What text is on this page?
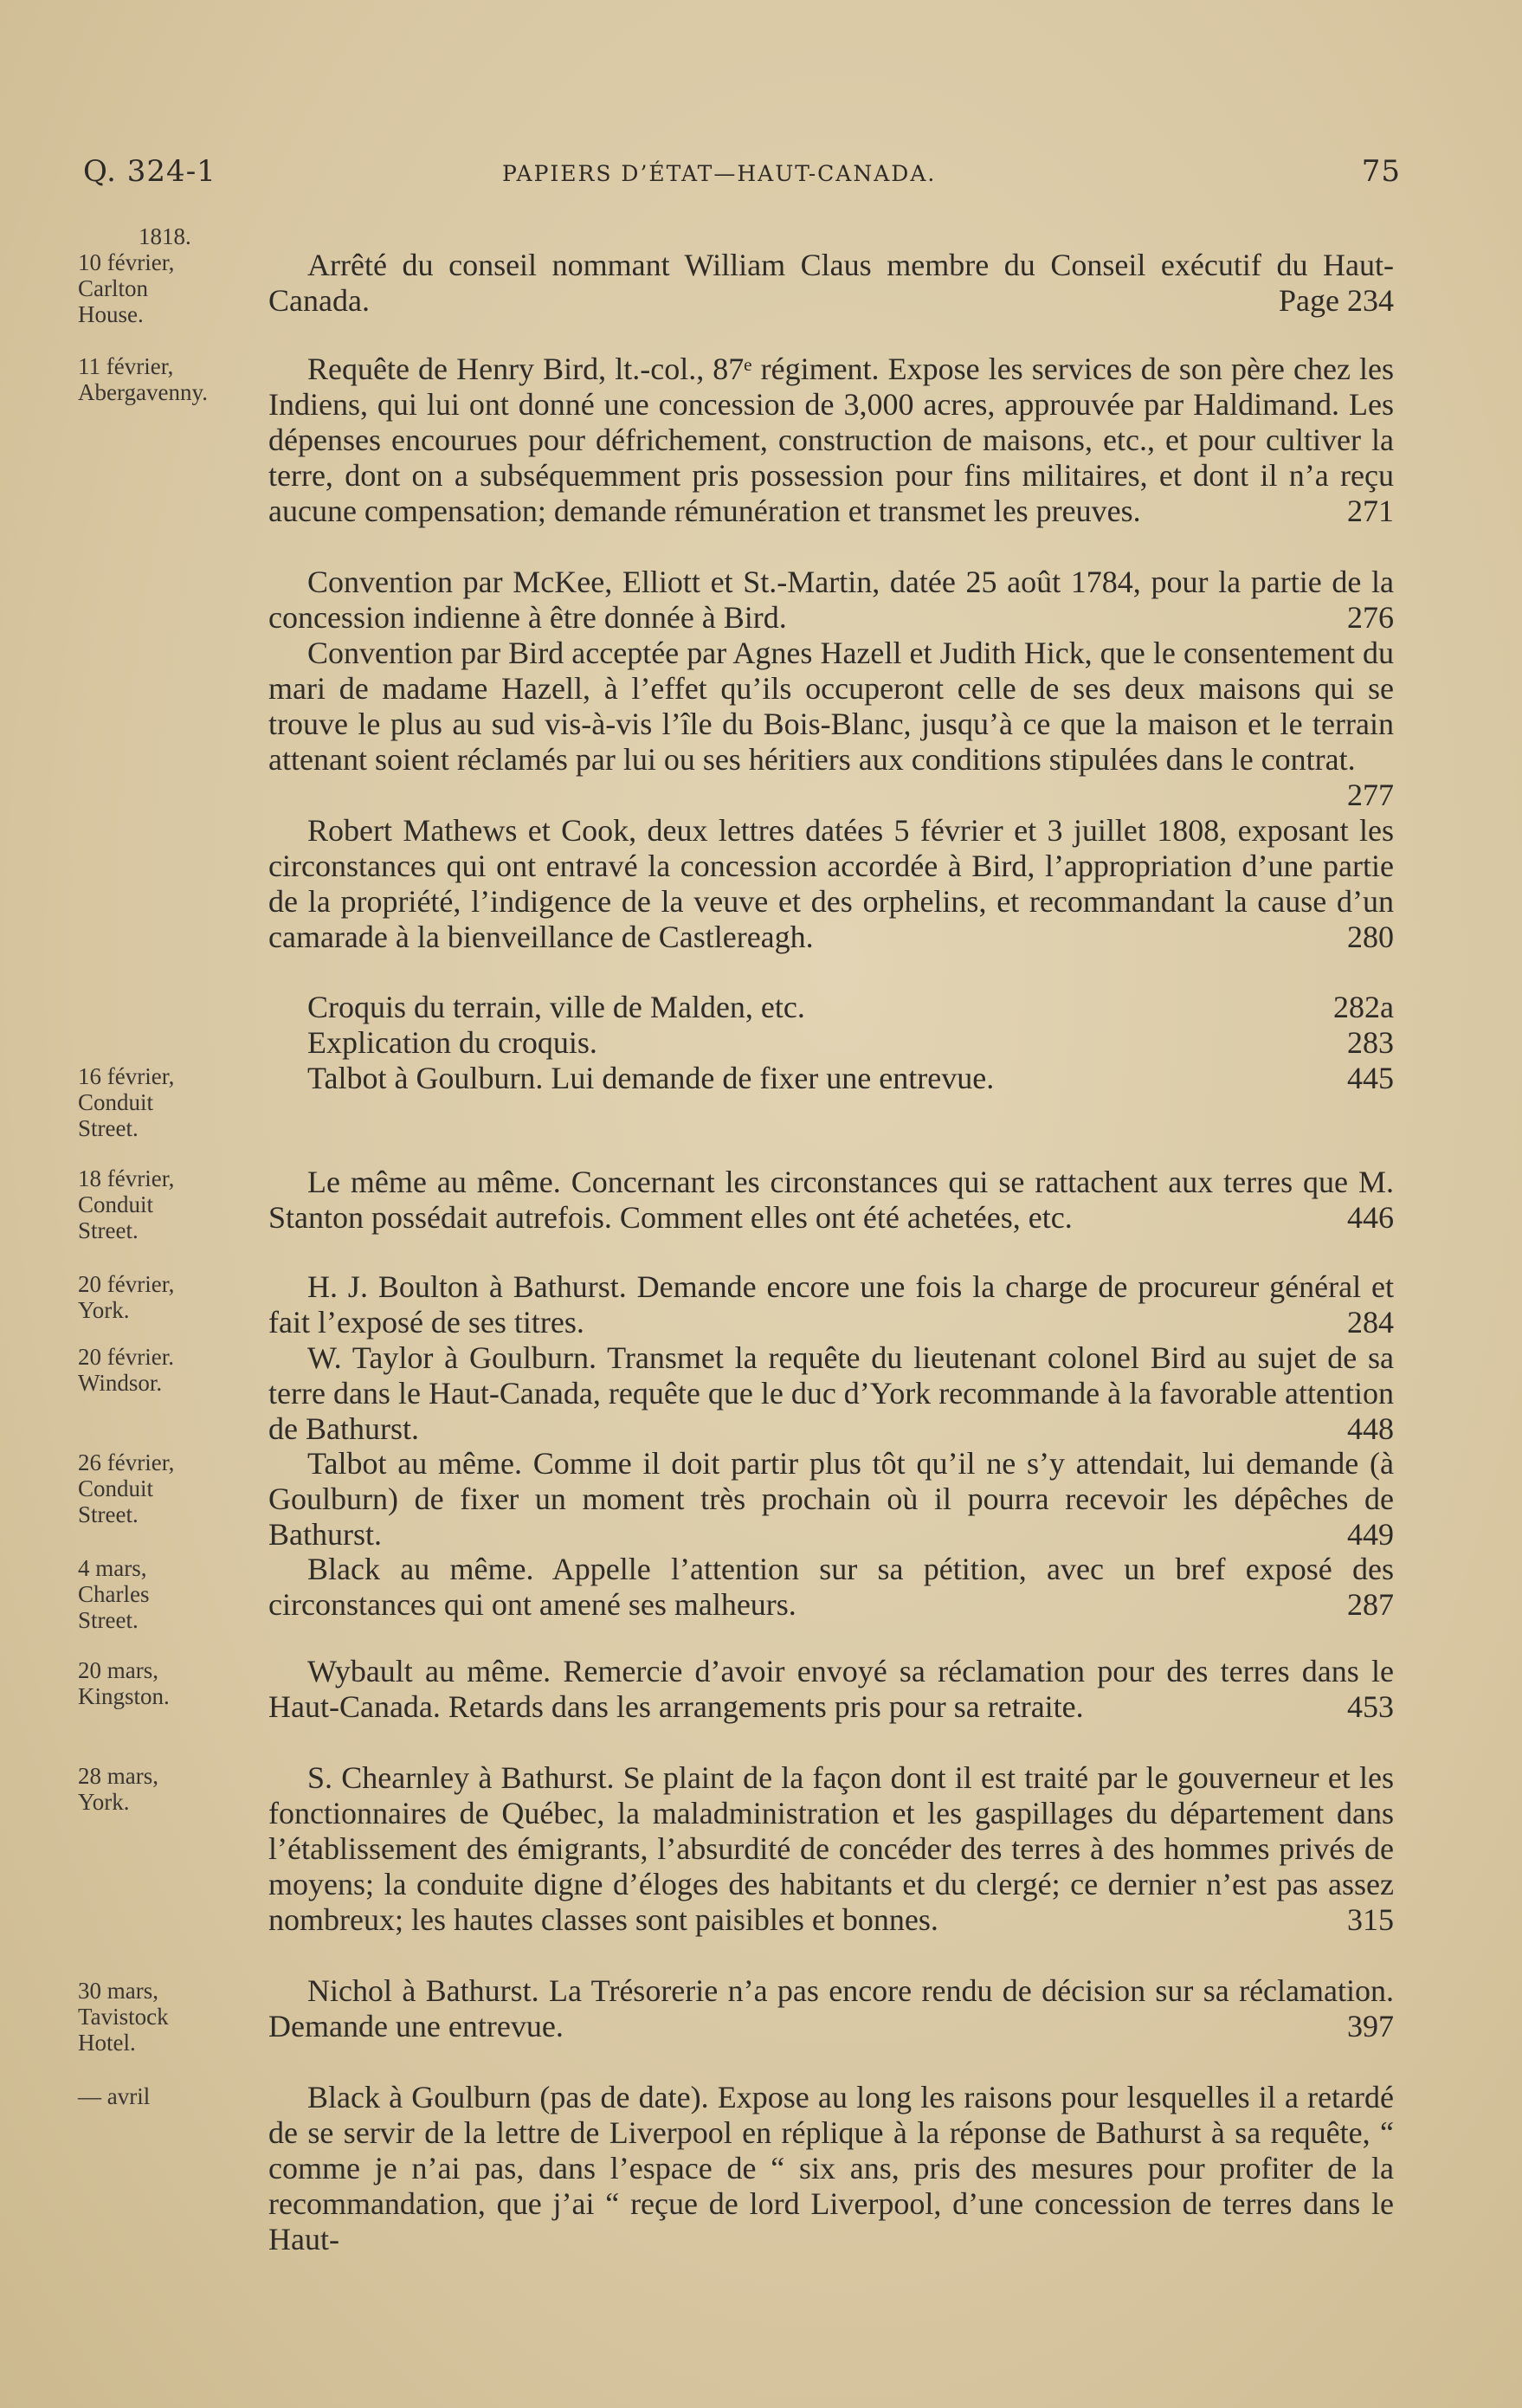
Q. 324-1	PAPIERS D’ÉTAT—HAUT-CANADA.	75
1818.
10 février,
Carlton House.
Arrêté du conseil nommant William Claus membre du Conseil exécutif du Haut-Canada.	Page 234
11 février,
Abergavenny.
Requête de Henry Bird, lt.-col., 87ᵉ régiment. Expose les services de son père chez les Indiens, qui lui ont donné une concession de 3,000 acres, approuvée par Haldimand. Les dépenses encourues pour défrichement, construction de maisons, etc., et pour cultiver la terre, dont on a subséquemment pris possession pour fins militaires, et dont il n’a reçu aucune compensation; demande rémunération et transmet les preuves.	271
Convention par McKee, Elliott et St.-Martin, datée 25 août 1784, pour la partie de la concession indienne à être donnée à Bird.	276
Convention par Bird acceptée par Agnes Hazell et Judith Hick, que le consentement du mari de madame Hazell, à l’effet qu’ils occuperont celle de ses deux maisons qui se trouve le plus au sud vis-à-vis l’île du Bois-Blanc, jusqu’à ce que la maison et le terrain attenant soient réclamés par lui ou ses héritiers aux conditions stipulées dans le contrat.
277
Robert Mathews et Cook, deux lettres datées 5 février et 3 juillet 1808, exposant les circonstances qui ont entravé la concession accordée à Bird, l’appropriation d’une partie de la propriété, l’indigence de la veuve et des orphelins, et recommandant la cause d’un camarade à la bienveillance de Castlereagh.	280
Croquis du terrain, ville de Malden, etc.	282a
Explication du croquis.	283
16 février,
Conduit Street.
Talbot à Goulburn. Lui demande de fixer une entrevue.	445
18 février,
Conduit Street.
Le même au même. Concernant les circonstances qui se rattachent aux terres que M. Stanton possédait autrefois. Comment elles ont été achetées, etc.	446
20 février,
York.
H. J. Boulton à Bathurst. Demande encore une fois la charge de procureur général et fait l’exposé de ses titres.	284
20 février.
Windsor.
W. Taylor à Goulburn. Transmet la requête du lieutenant colonel Bird au sujet de sa terre dans le Haut-Canada, requête que le duc d’York recommande à la favorable attention de Bathurst.	448
26 février,
Conduit Street.
Talbot au même. Comme il doit partir plus tôt qu’il ne s’y attendait, lui demande (à Goulburn) de fixer un moment très prochain où il pourra recevoir les dépêches de Bathurst.	449
4 mars,
Charles Street.
Black au même. Appelle l’attention sur sa pétition, avec un bref exposé des circonstances qui ont amené ses malheurs.	287
20 mars,
Kingston.
Wybault au même. Remercie d’avoir envoyé sa réclamation pour des terres dans le Haut-Canada. Retards dans les arrangements pris pour sa retraite.	453
28 mars,
York.
S. Chearnley à Bathurst. Se plaint de la façon dont il est traité par le gouverneur et les fonctionnaires de Québec, la maladministration et les gaspillages du département dans l’établissement des émigrants, l’absurdité de concéder des terres à des hommes privés de moyens; la conduite digne d’éloges des habitants et du clergé; ce dernier n’est pas assez nombreux; les hautes classes sont paisibles et bonnes.	315
30 mars,
Tavistock Hotel.
Nichol à Bathurst. La Trésorerie n’a pas encore rendu de décision sur sa réclamation. Demande une entrevue.	397
— avril	Black à Goulburn (pas de date). Expose au long les raisons pour lesquelles il a retardé de se servir de la lettre de Liverpool en réplique à la réponse de Bathurst à sa requête, “ comme je n’ai pas, dans l’espace de “ six ans, pris des mesures pour profiter de la recommandation, que j’ai “ reçue de lord Liverpool, d’une concession de terres dans le Haut-
